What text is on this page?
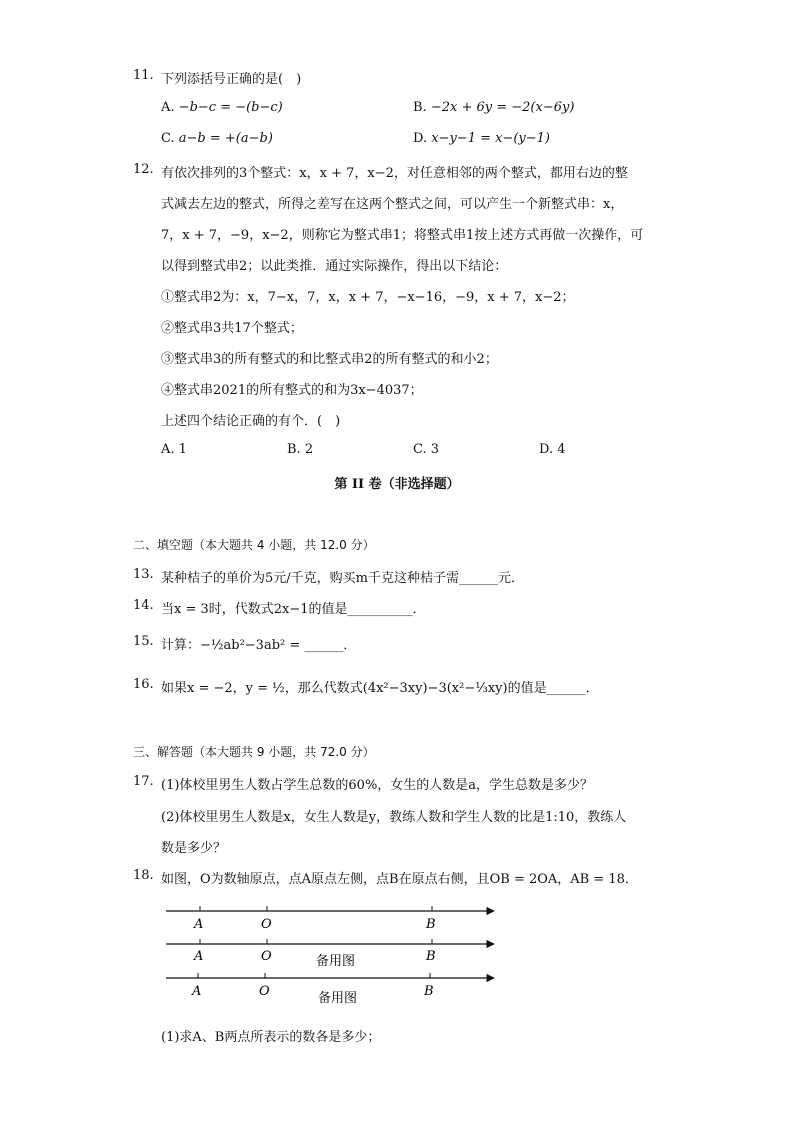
11. 下列添括号正确的是(　)
A. −b−c = −(b−c)	B. −2x + 6y = −2(x−6y)
C. a−b = +(a−b)	D. x−y−1 = x−(y−1)
12. 有依次排列的3个整式：x，x + 7，x−2，对任意相邻的两个整式，都用右边的整
式减去左边的整式，所得之差写在这两个整式之间，可以产生一个新整式串：x，
7，x + 7，−9，x−2，则称它为整式串1；将整式串1按上述方式再做一次操作，可
以得到整式串2；以此类推．通过实际操作，得出以下结论：
①整式串2为：x，7−x，7，x，x + 7，−x−16，−9，x + 7，x−2；
②整式串3共17个整式；
③整式串3的所有整式的和比整式串2的所有整式的和小2；
④整式串2021的所有整式的和为3x−4037；
上述四个结论正确的有个．(　)
A. 1	B. 2	C. 3	D. 4
第 II 卷（非选择题）
二、填空题（本大题共 4 小题，共 12.0 分）
13. 某种桔子的单价为5元/千克，购买m千克这种桔子需______元．
14. 当x = 3时，代数式2x−1的值是__________．
15. 计算：−½ab²−3ab² = ______．
16. 如果x = −2，y = ½，那么代数式(4x²−3xy)−3(x²−⅓xy)的值是______．
三、解答题（本大题共 9 小题，共 72.0 分）
17. (1)体校里男生人数占学生总数的60%，女生的人数是a，学生总数是多少？
(2)体校里男生人数是x，女生人数是y，教练人数和学生人数的比是1:10，教练人
数是多少？
18. 如图，O为数轴原点，点A原点左侧，点B在原点右侧，且OB = 2OA，AB = 18．
A	O	B
A	O	B
备用图
A	O	B
备用图
(1)求A、B两点所表示的数各是多少；
